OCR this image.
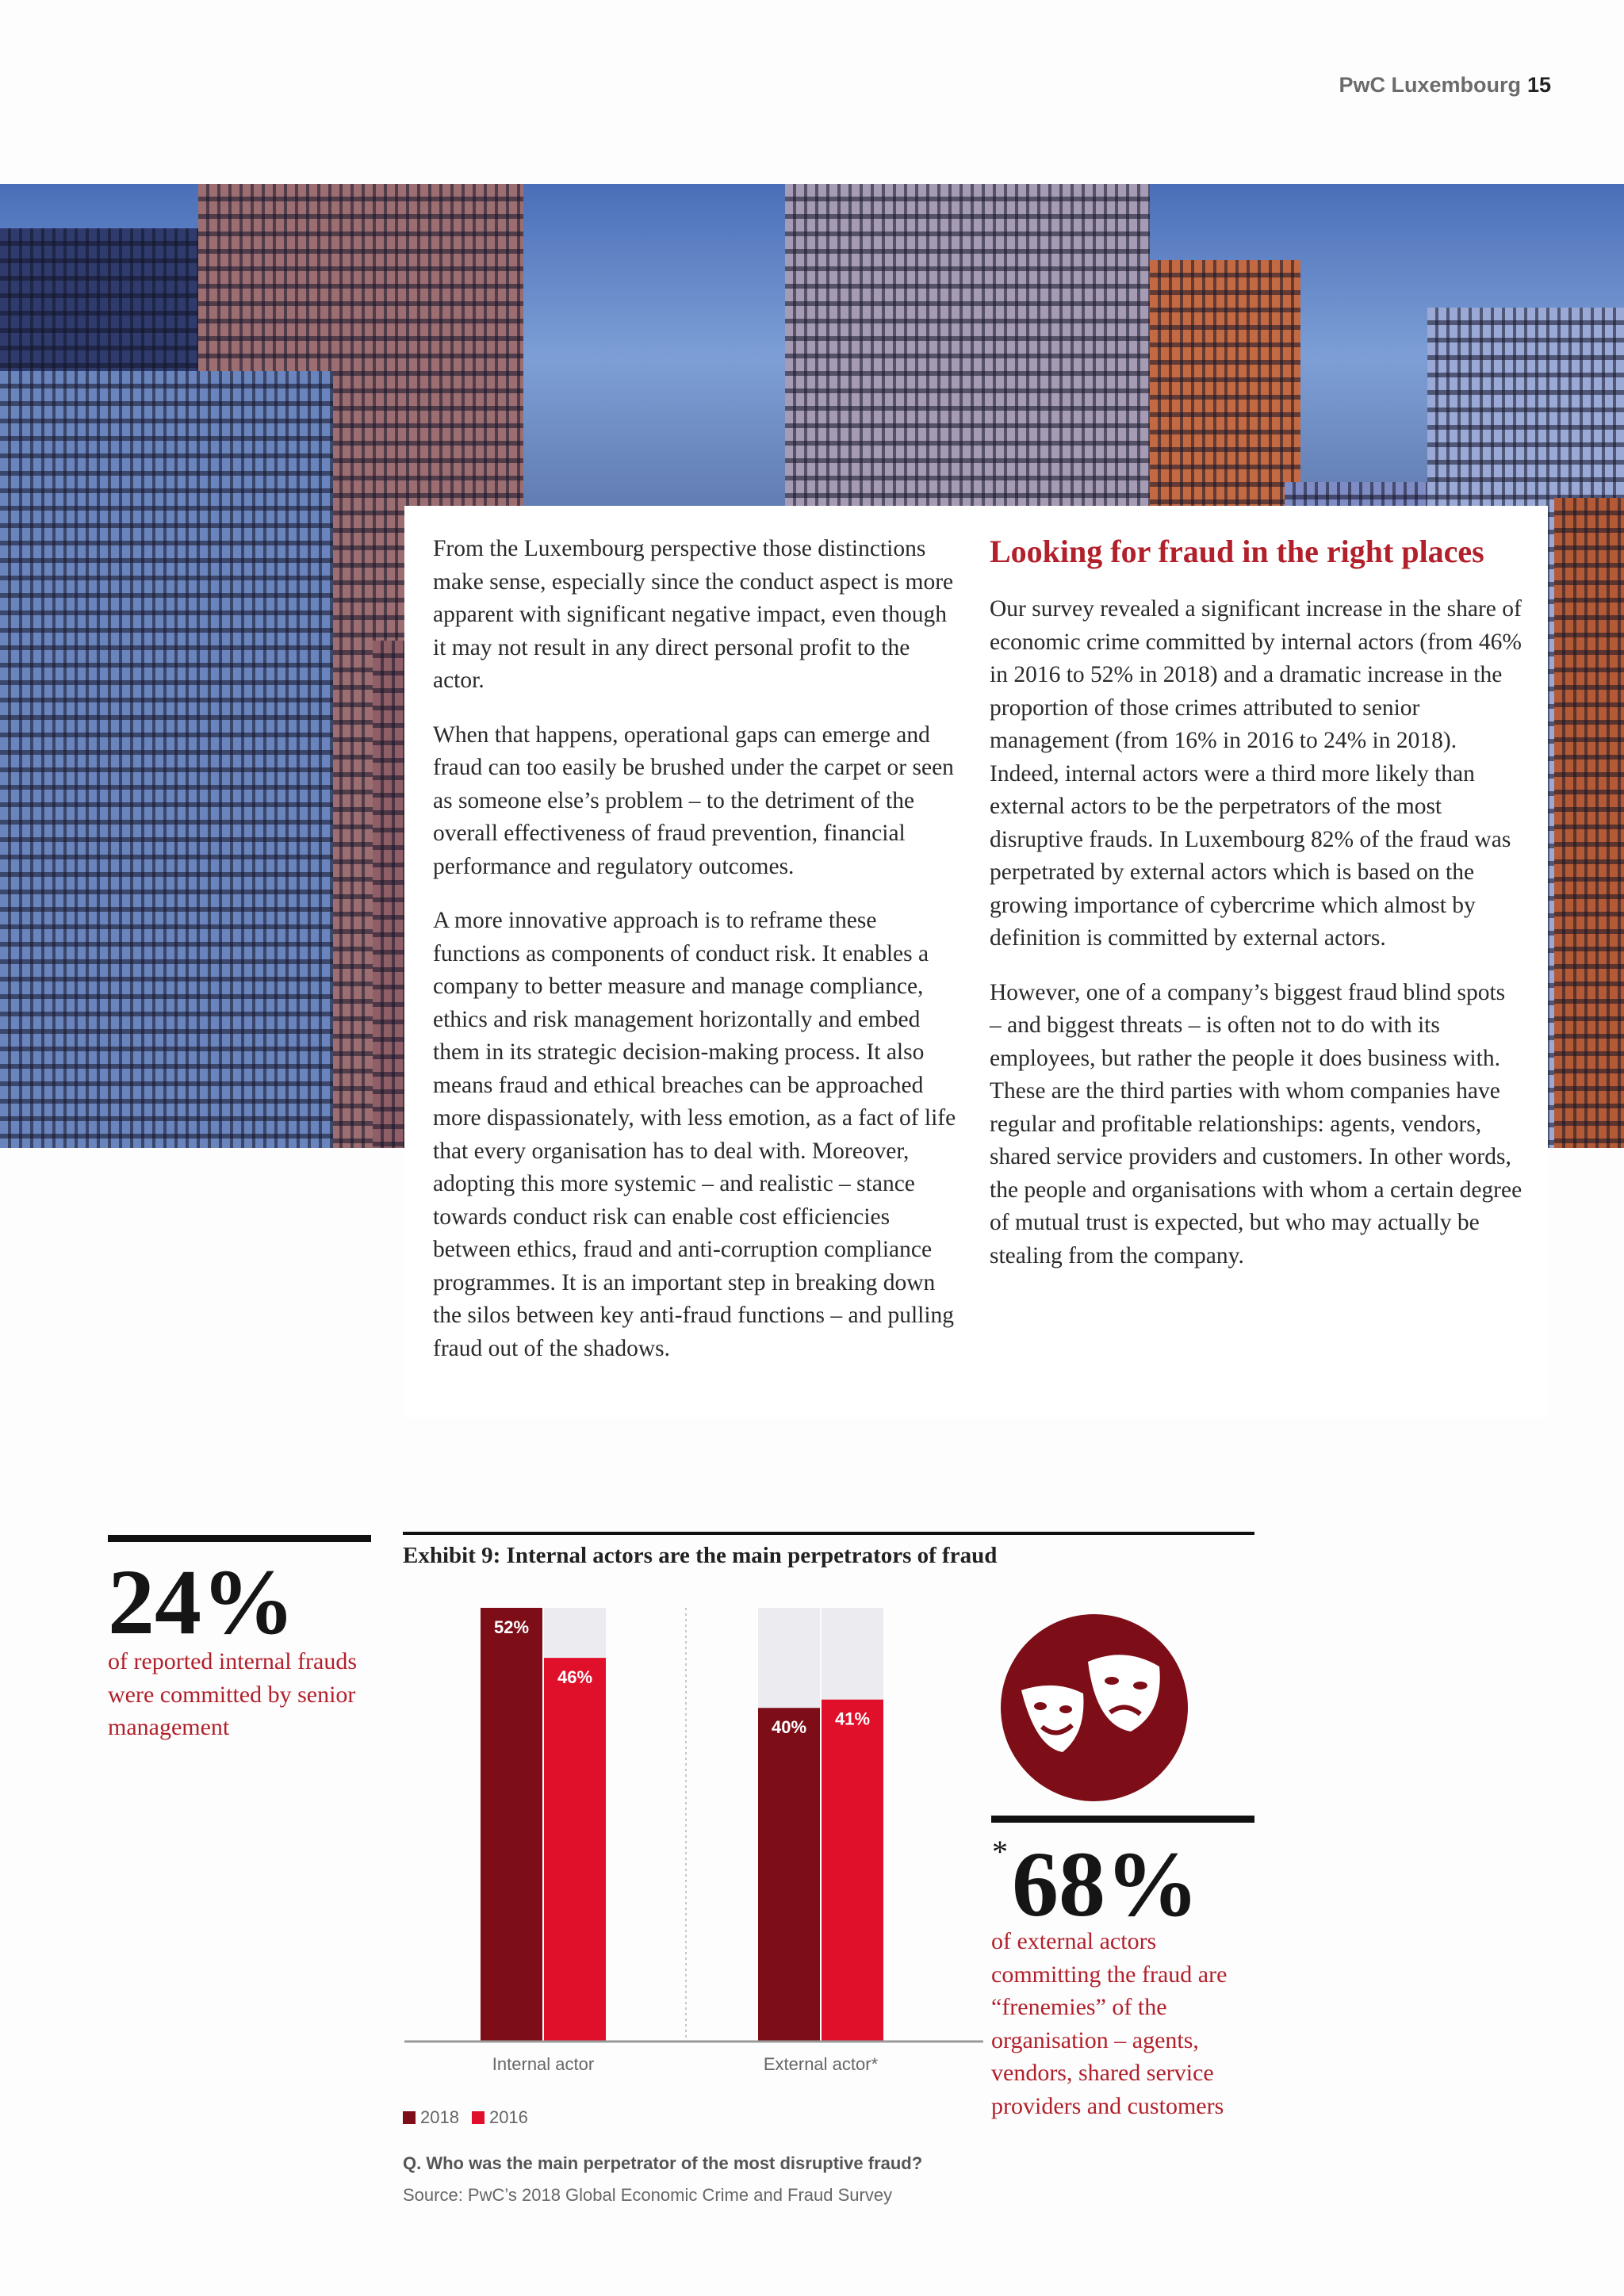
PwC Luxembourg 15

From the Luxembourg perspective those distinctions make sense, especially since the conduct aspect is more apparent with significant negative impact, even though it may not result in any direct personal profit to the actor.

When that happens, operational gaps can emerge and fraud can too easily be brushed under the carpet or seen as someone else’s problem – to the detriment of the overall effectiveness of fraud prevention, financial performance and regulatory outcomes.

A more innovative approach is to reframe these functions as components of conduct risk. It enables a company to better measure and manage compliance, ethics and risk management horizontally and embed them in its strategic decision-making process. It also means fraud and ethical breaches can be approached more dispassionately, with less emotion, as a fact of life that every organisation has to deal with. Moreover, adopting this more systemic – and realistic – stance towards conduct risk can enable cost efficiencies between ethics, fraud and anti-corruption compliance programmes. It is an important step in breaking down the silos between key anti-fraud functions – and pulling fraud out of the shadows.

Looking for fraud in the right places

Our survey revealed a significant increase in the share of economic crime committed by internal actors (from 46% in 2016 to 52% in 2018) and a dramatic increase in the proportion of those crimes attributed to senior management (from 16% in 2016 to 24% in 2018). Indeed, internal actors were a third more likely than external actors to be the perpetrators of the most disruptive frauds. In Luxembourg 82% of the fraud was perpetrated by external actors which is based on the growing importance of cybercrime which almost by definition is committed by external actors.

However, one of a company’s biggest fraud blind spots – and biggest threats – is often not to do with its employees, but rather the people it does business with. These are the third parties with whom companies have regular and profitable relationships: agents, vendors, shared service providers and customers. In other words, the people and organisations with whom a certain degree of mutual trust is expected, but who may actually be stealing from the company.

24%
of reported internal frauds were committed by senior management
Exhibit 9: Internal actors are the main perpetrators of fraud
52%
46%
Internal actor
40% 41%
External actor*
2018	2016
Q. Who was the main perpetrator of the most disruptive fraud?
Source: PwC’s 2018 Global Economic Crime and Fraud Survey
* 68%
of external actors committing the fraud are “frenemies” of the organisation – agents, vendors, shared service providers and customers
